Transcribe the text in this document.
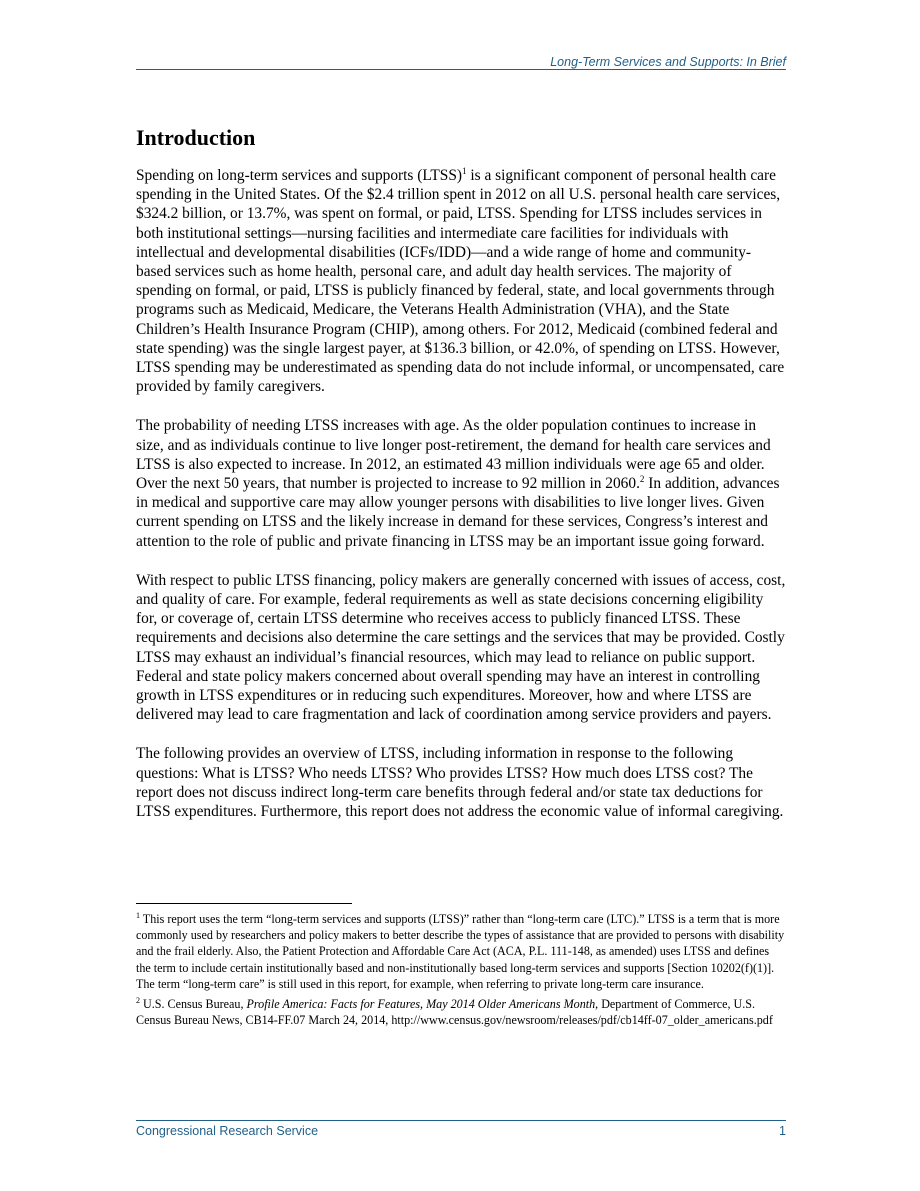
Long-Term Services and Supports: In Brief
Introduction

Spending on long-term services and supports (LTSS)$^1$ is a significant component of personal health care spending in the United States. Of the $2.4 trillion spent in 2012 on all U.S. personal health care services, $324.2 billion, or 13.7%, was spent on formal, or paid, LTSS. Spending for LTSS includes services in both institutional settings—nursing facilities and intermediate care facilities for individuals with intellectual and developmental disabilities (ICFs/IDD)—and a wide range of home and community-based services such as home health, personal care, and adult day health services. The majority of spending on formal, or paid, LTSS is publicly financed by federal, state, and local governments through programs such as Medicaid, Medicare, the Veterans Health Administration (VHA), and the State Children’s Health Insurance Program (CHIP), among others. For 2012, Medicaid (combined federal and state spending) was the single largest payer, at $136.3 billion, or 42.0%, of spending on LTSS. However, LTSS spending may be underestimated as spending data do not include informal, or uncompensated, care provided by family caregivers.

The probability of needing LTSS increases with age. As the older population continues to increase in size, and as individuals continue to live longer post-retirement, the demand for health care services and LTSS is also expected to increase. In 2012, an estimated 43 million individuals were age 65 and older. Over the next 50 years, that number is projected to increase to 92 million in 2060.$^2$ In addition, advances in medical and supportive care may allow younger persons with disabilities to live longer lives. Given current spending on LTSS and the likely increase in demand for these services, Congress’s interest and attention to the role of public and private financing in LTSS may be an important issue going forward.

With respect to public LTSS financing, policy makers are generally concerned with issues of access, cost, and quality of care. For example, federal requirements as well as state decisions concerning eligibility for, or coverage of, certain LTSS determine who receives access to publicly financed LTSS. These requirements and decisions also determine the care settings and the services that may be provided. Costly LTSS may exhaust an individual’s financial resources, which may lead to reliance on public support. Federal and state policy makers concerned about overall spending may have an interest in controlling growth in LTSS expenditures or in reducing such expenditures. Moreover, how and where LTSS are delivered may lead to care fragmentation and lack of coordination among service providers and payers.

The following provides an overview of LTSS, including information in response to the following questions: What is LTSS? Who needs LTSS? Who provides LTSS? How much does LTSS cost? The report does not discuss indirect long-term care benefits through federal and/or state tax deductions for LTSS expenditures. Furthermore, this report does not address the economic value of informal caregiving.

$^1$ This report uses the term “long-term services and supports (LTSS)” rather than “long-term care (LTC).” LTSS is a term that is more commonly used by researchers and policy makers to better describe the types of assistance that are provided to persons with disability and the frail elderly. Also, the Patient Protection and Affordable Care Act (ACA, P.L. 111-148, as amended) uses LTSS and defines the term to include certain institutionally based and non-institutionally based long-term services and supports [Section 10202(f)(1)]. The term “long-term care” is still used in this report, for example, when referring to private long-term care insurance.

$^2$ U.S. Census Bureau, Profile America: Facts for Features, May 2014 Older Americans Month, Department of Commerce, U.S. Census Bureau News, CB14-FF.07 March 24, 2014, http://www.census.gov/newsroom/releases/pdf/cb14ff-07_older_americans.pdf

Congressional Research Service	1
